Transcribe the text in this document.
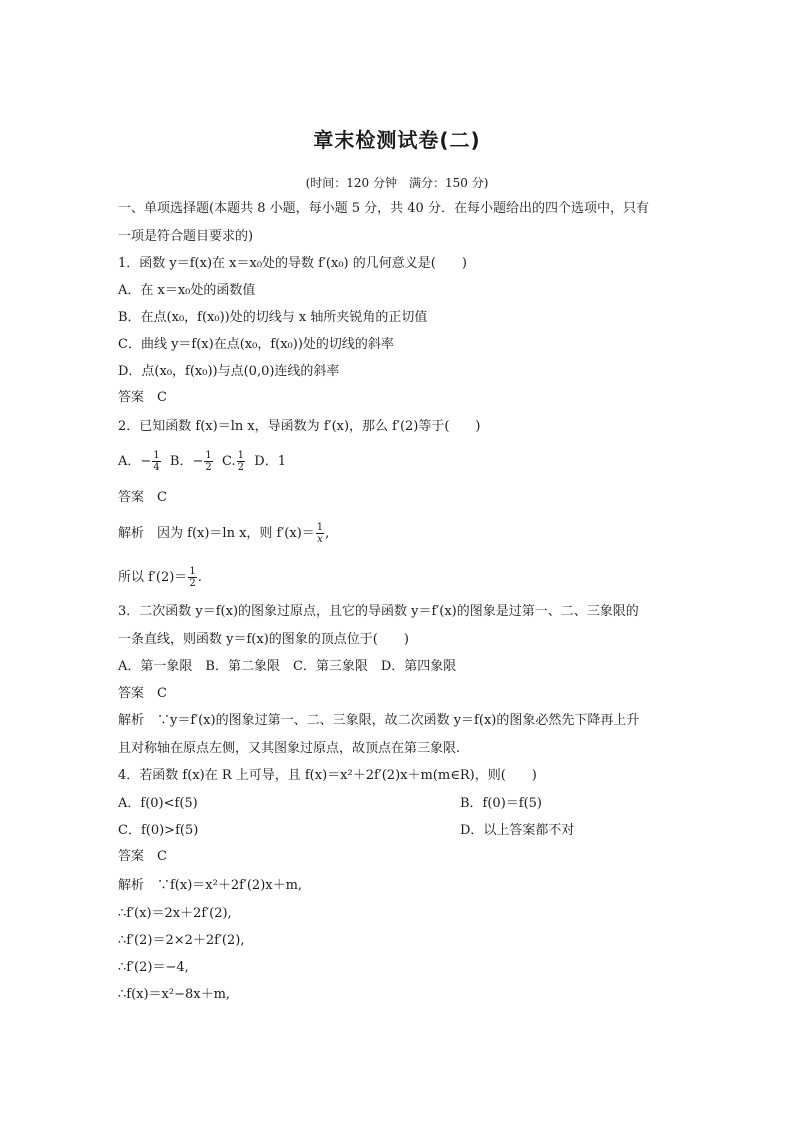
章末检测试卷(二)
(时间：120 分钟　满分：150 分)
一、单项选择题(本题共 8 小题，每小题 5 分，共 40 分．在每小题给出的四个选项中，只有
一项是符合题目要求的)
1．函数 y＝f(x)在 x＝x₀处的导数 f′(x₀) 的几何意义是(　　)
A．在 x＝x₀处的函数值
B．在点(x₀，f(x₀))处的切线与 x 轴所夹锐角的正切值
C．曲线 y＝f(x)在点(x₀，f(x₀))处的切线的斜率
D．点(x₀，f(x₀))与点(0,0)连线的斜率
答案　C
2．已知函数 f(x)＝ln x，导函数为 f′(x)，那么 f′(2)等于(　　)
A．− $\frac{1}{4}$ B．− $\frac{1}{2} C$. $\frac{1}{2}$ D．1
答案　C
解析　因为 f(x)＝ln x，则 $f'(x)= \frac{1}{x}$ ,
所以 $f'(2)= \frac{1}{2}$ .
3．二次函数 y＝f(x)的图象过原点，且它的导函数 y＝f′(x)的图象是过第一、二、三象限的
一条直线，则函数 y＝f(x)的图象的顶点位于(　　)
A．第一象限　B．第二象限　C．第三象限　D．第四象限
答案　C
解析　∵y＝f′(x)的图象过第一、二、三象限，故二次函数 y＝f(x)的图象必然先下降再上升
且对称轴在原点左侧，又其图象过原点，故顶点在第三象限.
4．若函数 f(x)在 R 上可导，且 f(x)＝x²＋2f′(2)x＋m(m∈R)，则(　　)
A．f(0)<f(5)	B．f(0)＝f(5)
C．f(0)>f(5)	D．以上答案都不对
答案　C
解析　∵f(x)＝x²＋2f′(2)x＋m,
∴f′(x)＝2x＋2f′(2),
∴f′(2)＝2×2＋2f′(2),
∴f′(2)＝−4,
∴f(x)＝x²−8x＋m,
